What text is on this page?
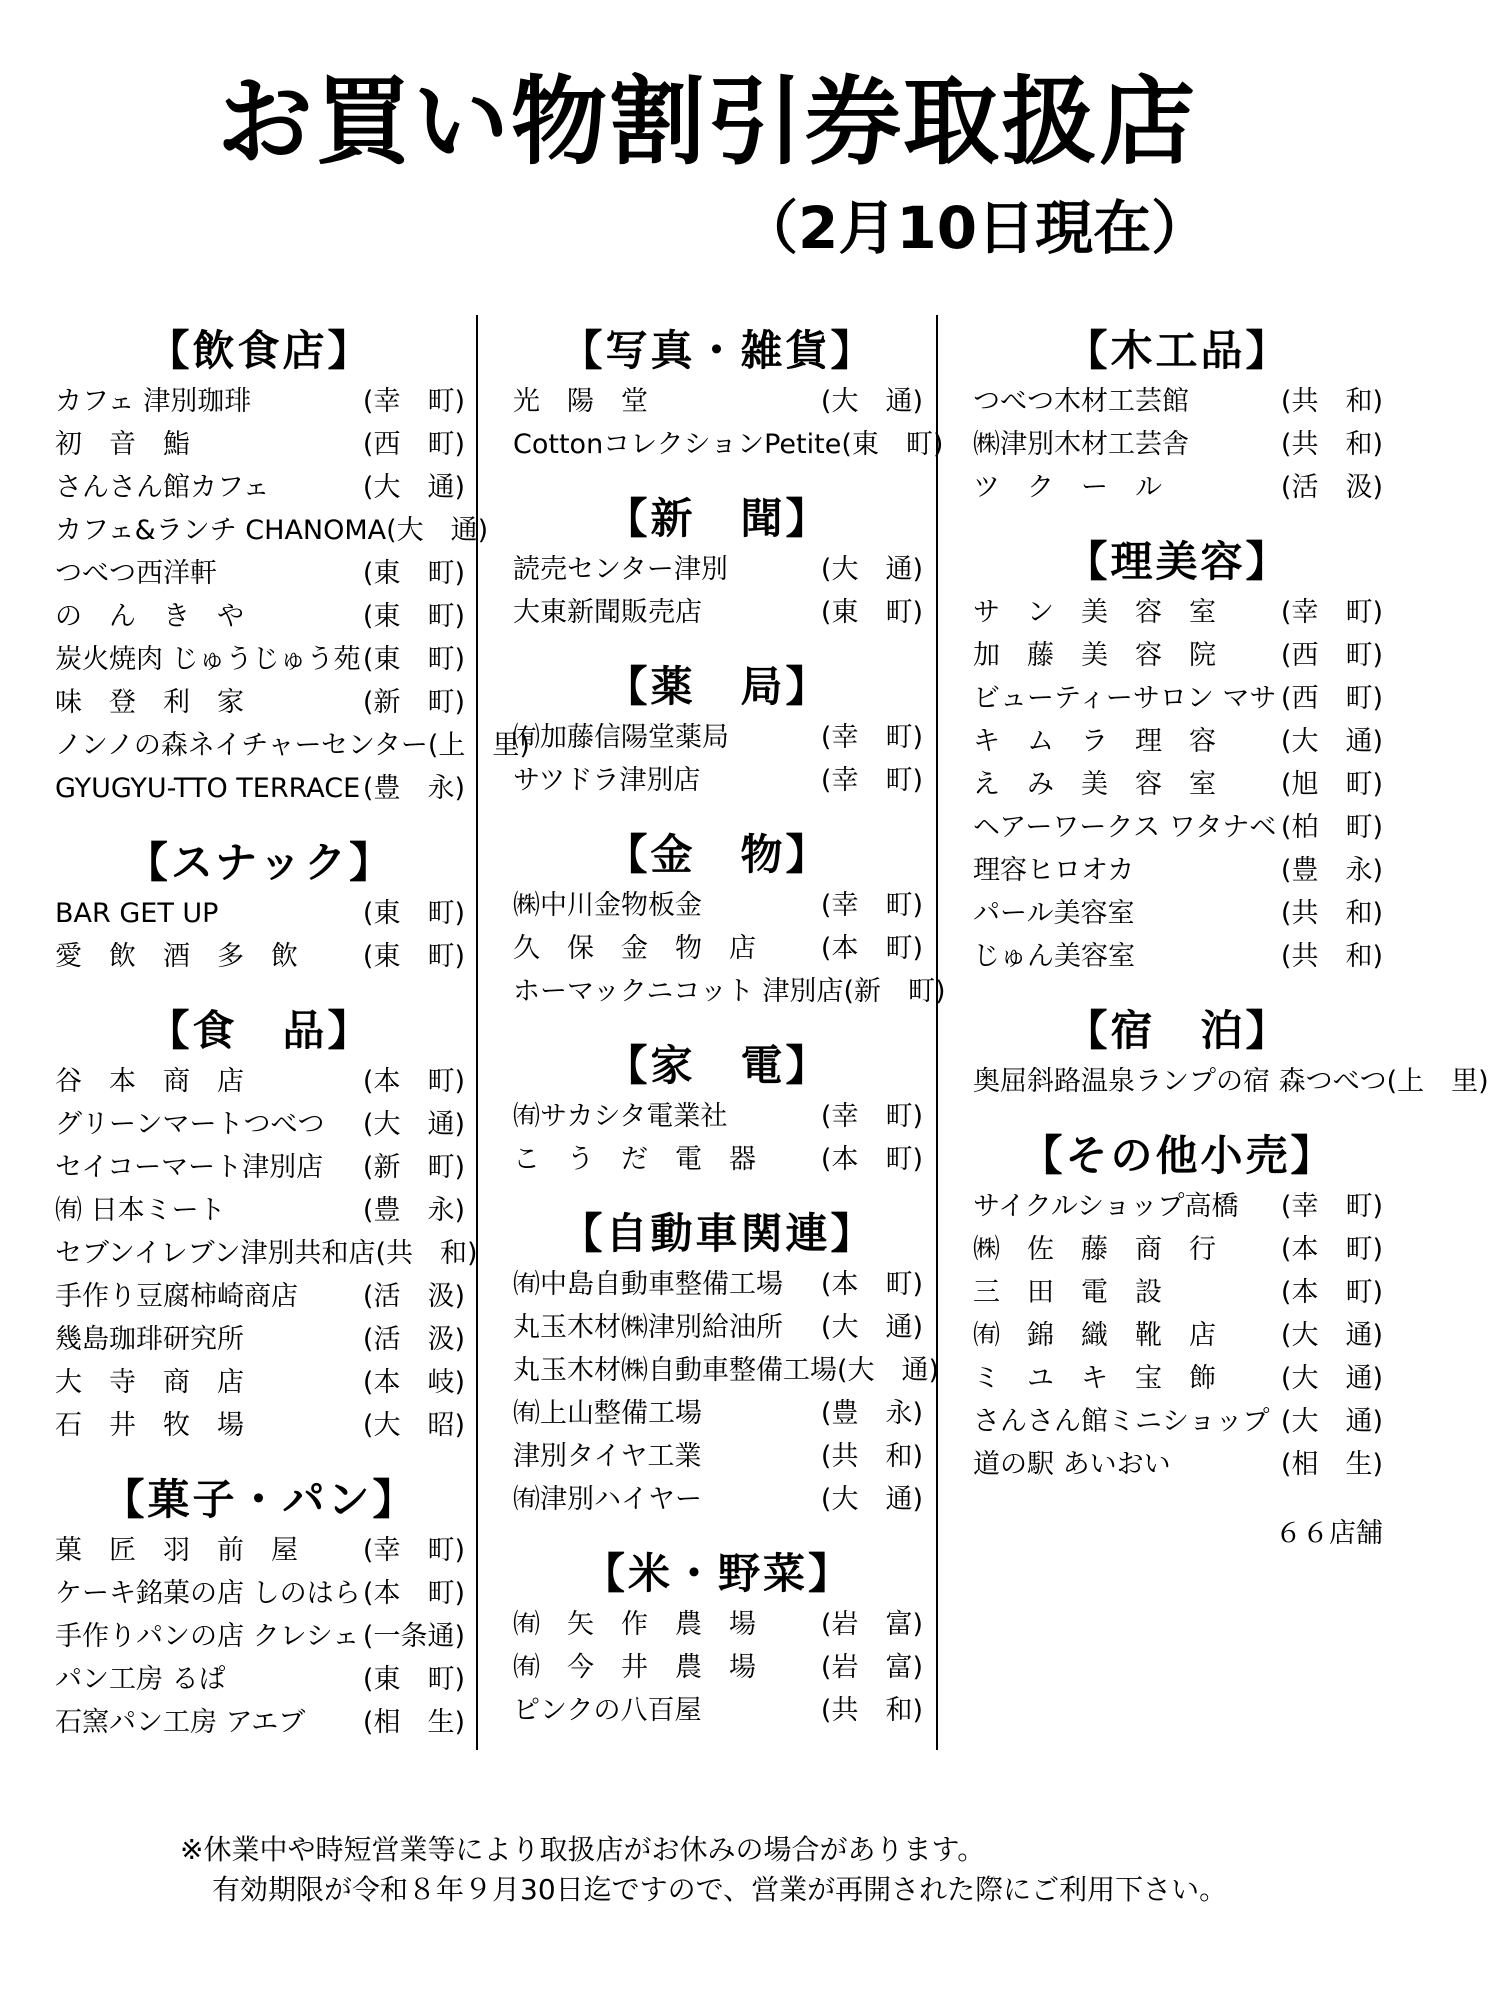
お買い物割引券取扱店
（2月10日現在）
【飲食店】
カフェ 津別珈琲	(幸　町)
初　音　鮨	(西　町)
さんさん館カフェ	(大　通)
カフェ&ランチ CHANOMA (大　通)
つべつ西洋軒	(東　町)
の　ん　き　や	(東　町)
炭火焼肉 じゅうじゅう苑 (東　町)
味　登　利　家	(新　町)
ノンノの森ネイチャーセンター (上　里)
GYUGYU-TTO TERRACE (豊　永)
【スナック】
BAR GET UP	(東　町)
愛　飲　酒　多　飲 (東　町)
【食　品】
谷　本　商　店	(本　町)
グリーンマートつべつ (大　通)
セイコーマート津別店 (新　町)
㈲ 日本ミート	(豊　永)
セブンイレブン津別共和店 (共　和)
手作り豆腐柿崎商店 (活　汲)
幾島珈琲研究所	(活　汲)
大　寺　商　店	(本　岐)
石　井　牧　場	(大　昭)
【菓子・パン】
菓　匠　羽　前　屋 (幸　町)
ケーキ銘菓の店 しのはら (本　町)
手作りパンの店 クレシェ (一条通)
パン工房 るぱ	(東　町)
石窯パン工房 アエブ (相　生)
【写真・雑貨】
光　陽　堂	(大　通)
CottonコレクションPetite (東　町)
【新　聞】
読売センター津別	(大　通)
大東新聞販売店	(東　町)
【薬　局】
㈲加藤信陽堂薬局	(幸　町)
サツドラ津別店	(幸　町)
【金　物】
㈱中川金物板金	(幸　町)
久　保　金　物　店 (本　町)
ホーマックニコット 津別店 (新　町)
【家　電】
㈲サカシタ電業社	(幸　町)
こ　う　だ　電　器 (本　町)
【自動車関連】
㈲中島自動車整備工場 (本　町)
丸玉木材㈱津別給油所 (大　通)
丸玉木材㈱自動車整備工場 (大　通)
㈲上山整備工場	(豊　永)
津別タイヤ工業	(共　和)
㈲津別ハイヤー	(大　通)
【米・野菜】
㈲　矢　作　農　場 (岩　富)
㈲　今　井　農　場 (岩　富)
ピンクの八百屋	(共　和)
【木工品】
つべつ木材工芸館	(共　和)
㈱津別木材工芸舎	(共　和)
ツ　ク　ー　ル	(活　汲)
【理美容】
サ　ン　美　容　室 (幸　町)
加　藤　美　容　院 (西　町)
ビューティーサロン マサ (西　町)
キ　ム　ラ　理　容 (大　通)
え　み　美　容　室 (旭　町)
ヘアーワークス ワタナベ (柏　町)
理容ヒロオカ	(豊　永)
パール美容室	(共　和)
じゅん美容室	(共　和)
【宿　泊】
奥屈斜路温泉ランプの宿 森つべつ (上　里)
【その他小売】
サイクルショップ高橋 (幸　町)
㈱　佐　藤　商　行 (本　町)
三　田　電　設	(本　町)
㈲　錦　織　靴　店 (大　通)
ミ　ユ　キ　宝　飾 (大　通)
さんさん館ミニショップ (大　通)
道の駅 あいおい	(相　生)
６６店舗
※休業中や時短営業等により取扱店がお休みの場合があります。
有効期限が令和８年９月30日迄ですので、営業が再開された際にご利用下さい。
